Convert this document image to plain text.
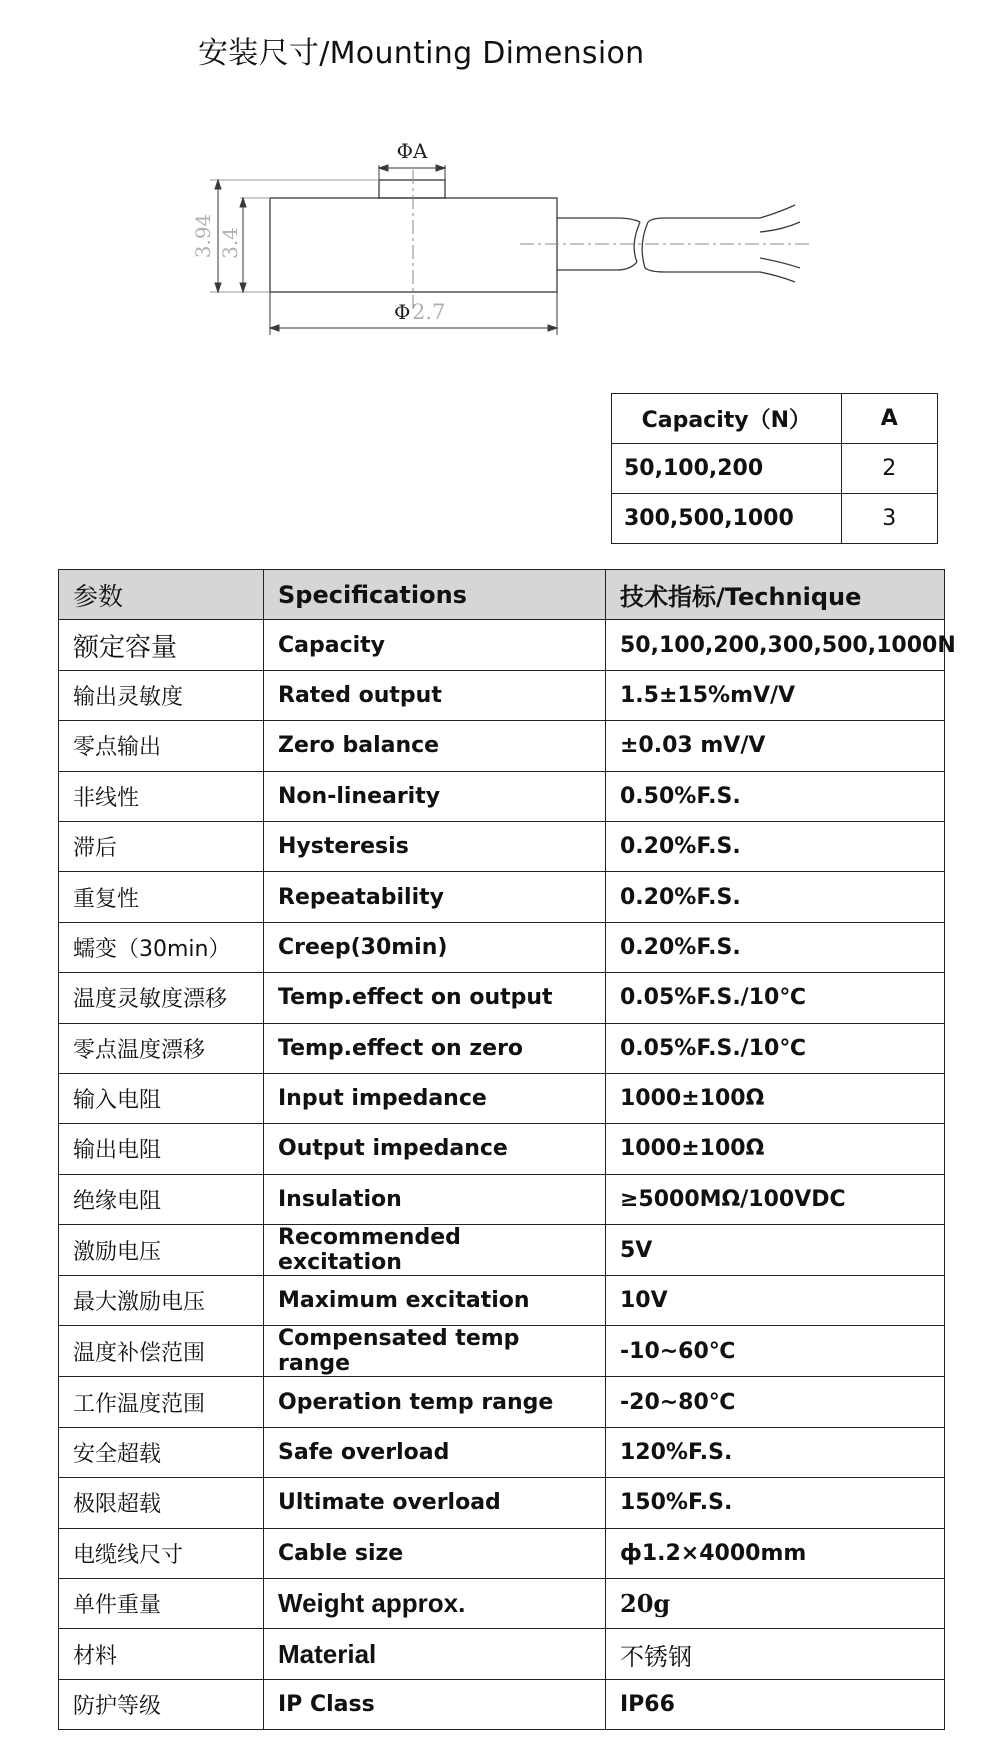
安装尺寸/Mounting Dimension
ΦA
3.94 3.4
Φ 2.7
Capacity（N）	A
50,100,200	2
300,500,1000	3
参数	Specifications	技术指标/Technique
额定容量	Capacity	50,100,200,300,500,1000N
输出灵敏度	Rated output	1.5±15%mV/V
零点输出	Zero balance	±0.03 mV/V
非线性	Non-linearity	0.50%F.S.
滞后	Hysteresis	0.20%F.S.
重复性	Repeatability	0.20%F.S.
蠕变（30min）	Creep(30min)	0.20%F.S.
温度灵敏度漂移	Temp.effect on output	0.05%F.S./10℃
零点温度漂移	Temp.effect on zero	0.05%F.S./10℃
输入电阻	Input impedance	1000±100Ω
输出电阻	Output impedance	1000±100Ω
绝缘电阻	Insulation	≥5000MΩ/100VDC
激励电压	Recommended excitation	5V
最大激励电压	Maximum excitation	10V
温度补偿范围	Compensated temp range	-10~60℃
工作温度范围	Operation temp range	-20~80℃
安全超载	Safe overload	120%F.S.
极限超载	Ultimate overload	150%F.S.
电缆线尺寸	Cable size	ф1.2×4000mm
单件重量	Weight approx.	20g
材料	Material	不锈钢
防护等级	IP Class	IP66
